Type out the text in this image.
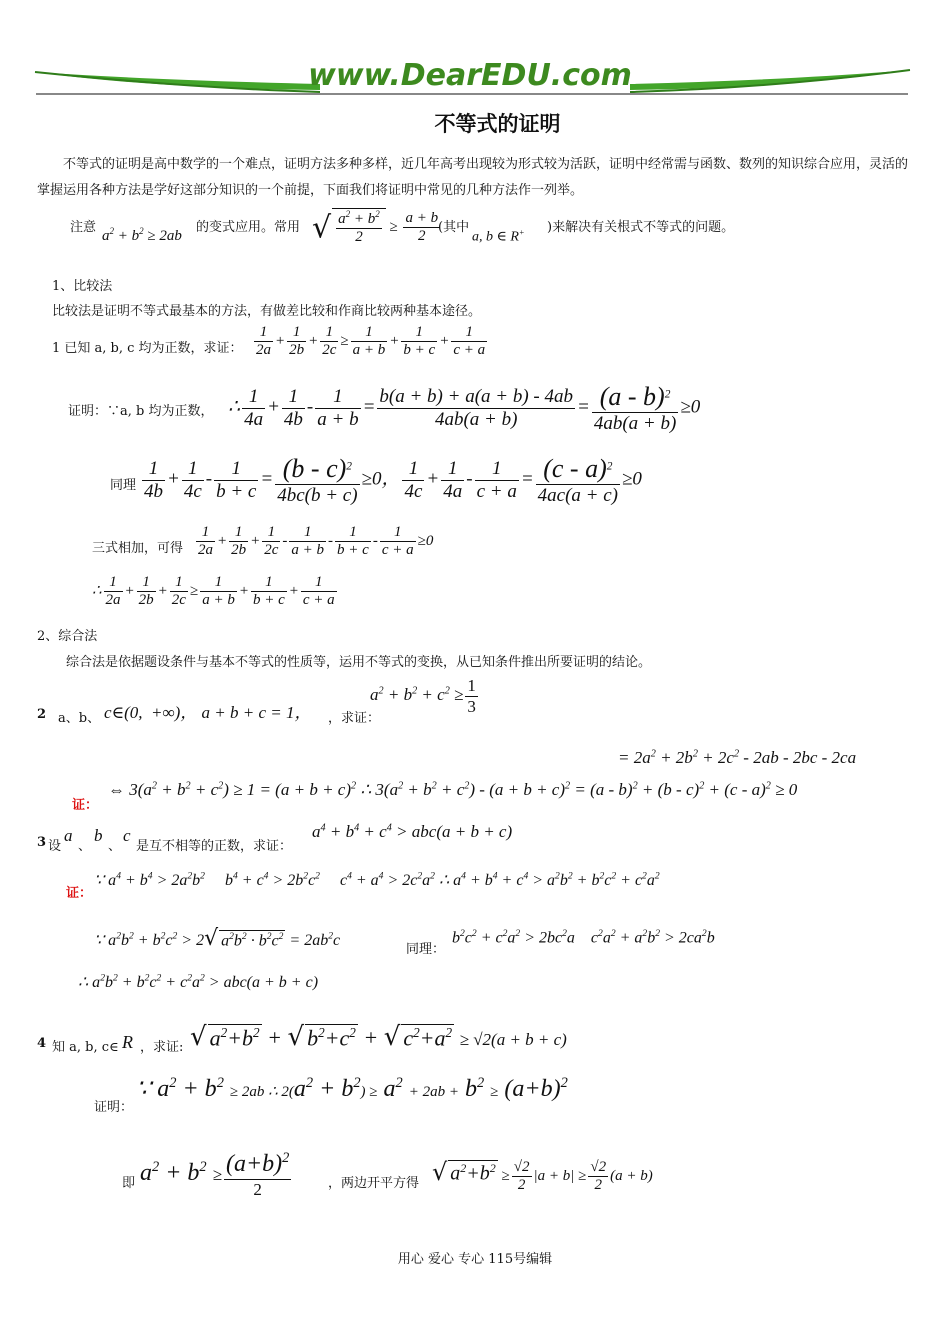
www.DearEDU.com
不等式的证明
不等式的证明是高中数学的一个难点，证明方法多种多样，近几年高考出现较为形式较为活跃，证明中经常需与函数、数列的知识综合应用，灵活的掌握运用各种方法是学好这部分知识的一个前提，下面我们将证明中常见的几种方法作一列举。
注意
$a^2 + b^2 \ge 2ab$
的变式应用。常用 √ $\frac{a^2 + b^2}{2} \ge \frac{a + b}{2}$
(其中
a, b ∈ R+ )来解决有关根式不等式的问题。
1、比较法
比较法是证明不等式最基本的方法，有做差比较和作商比较两种基本途径。
1 已知 a, b, c 均为正数，求证： $\frac{1}{2a} + \frac{1}{2b} + \frac{1}{2c} \ge \frac{1}{a + b} + \frac{1}{b + c} + \frac{1}{c + a}$
证明：∵a, b 均为正数， ∴ $\frac{1}{4a} + \frac{1}{4b} - \frac{1}{a + b} = \frac{b(a + b) + a(a + b) - 4ab}{4ab(a + b)} = \frac{(a - b)^2}{4ab(a + b)} \ge 0$
同理 $\frac{1}{4b} + \frac{1}{4c} - \frac{1}{b + c} = \frac{(b - c)^2}{4bc(b + c)} \ge 0$， $\frac{1}{4c} + \frac{1}{4a} - \frac{1}{c + a} = \frac{(c - a)^2}{4ac(a + c)} \ge 0$
三式相加，可得 $\frac{1}{2a} + \frac{1}{2b} + \frac{1}{2c} - \frac{1}{a + b} - \frac{1}{b + c} - \frac{1}{c + a} \ge 0$
∴ $\frac{1}{2a} + \frac{1}{2b} + \frac{1}{2c} \ge \frac{1}{a + b} + \frac{1}{b + c} + \frac{1}{c + a}$
2、综合法
综合法是依据题设条件与基本不等式的性质等，运用不等式的变换，从已知条件推出所要证明的结论。
2 a、b、 c∈(0,  +∞)， a + b + c = 1， ，求证：
$a^2 + b^2 + c^2 \ge \frac{1}{3}$
= $2a^2 + 2b^2 + 2c^2 - 2ab - 2bc - 2ca$
证：
⇔ $3(a^2 + b^2 + c^2) \ge 1 = (a + b + c)^2$ ∴ $3(a^2 + b^2 + c^2) - (a + b + c)^2 = (a - b)^2 + (b - c)^2 + (c - a)^2 \ge 0$
3 设
a
、
b
、
c
是互不相等的正数，求证：
$a^4 + b^4 + c^4 > abc(a + b + c)$
证：
∵ $a^4 + b^4 > 2a^2b^2$     $b^4 + c^4 > 2b^2c^2$     $c^4 + a^4 > 2c^2a^2$ ∴ $a^4 + b^4 + c^4 > a^2b^2 + b^2c^2 + c^2a^2$
∵ $a^2b^2 + b^2c^2 > 2√$ $a^2b^2 \cdot b^2c^2 = 2ab^2c$
同理：
$b^2c^2 + c^2a^2 > 2bc^2a$    $c^2a^2 + a^2b^2 > 2ca^2b$
∴ $a^2b^2 + b^2c^2 + c^2a^2 > abc(a + b + c)$
4 知 a, b, c∈ R ，求证: √ $a^2+b^2$ + √ $b^2+c^2$ + √ $c^2+a^2 \ge √2(a + b + c)$
证明：
∵ $a^2 + b^2 \ge 2ab$ ∴ $2(a^2 + b^2) \ge a^2 + 2ab + b^2 \ge (a+b)^2$
即 $a^2 + b^2 \ge \frac{(a+b)^2}{2}$	，两边开平方得 √ $a^2+b^2 \ge \frac{√2}{2} |a + b| \ge \frac{√2}{2} (a + b)$
用心 爱心 专心 115号编辑
